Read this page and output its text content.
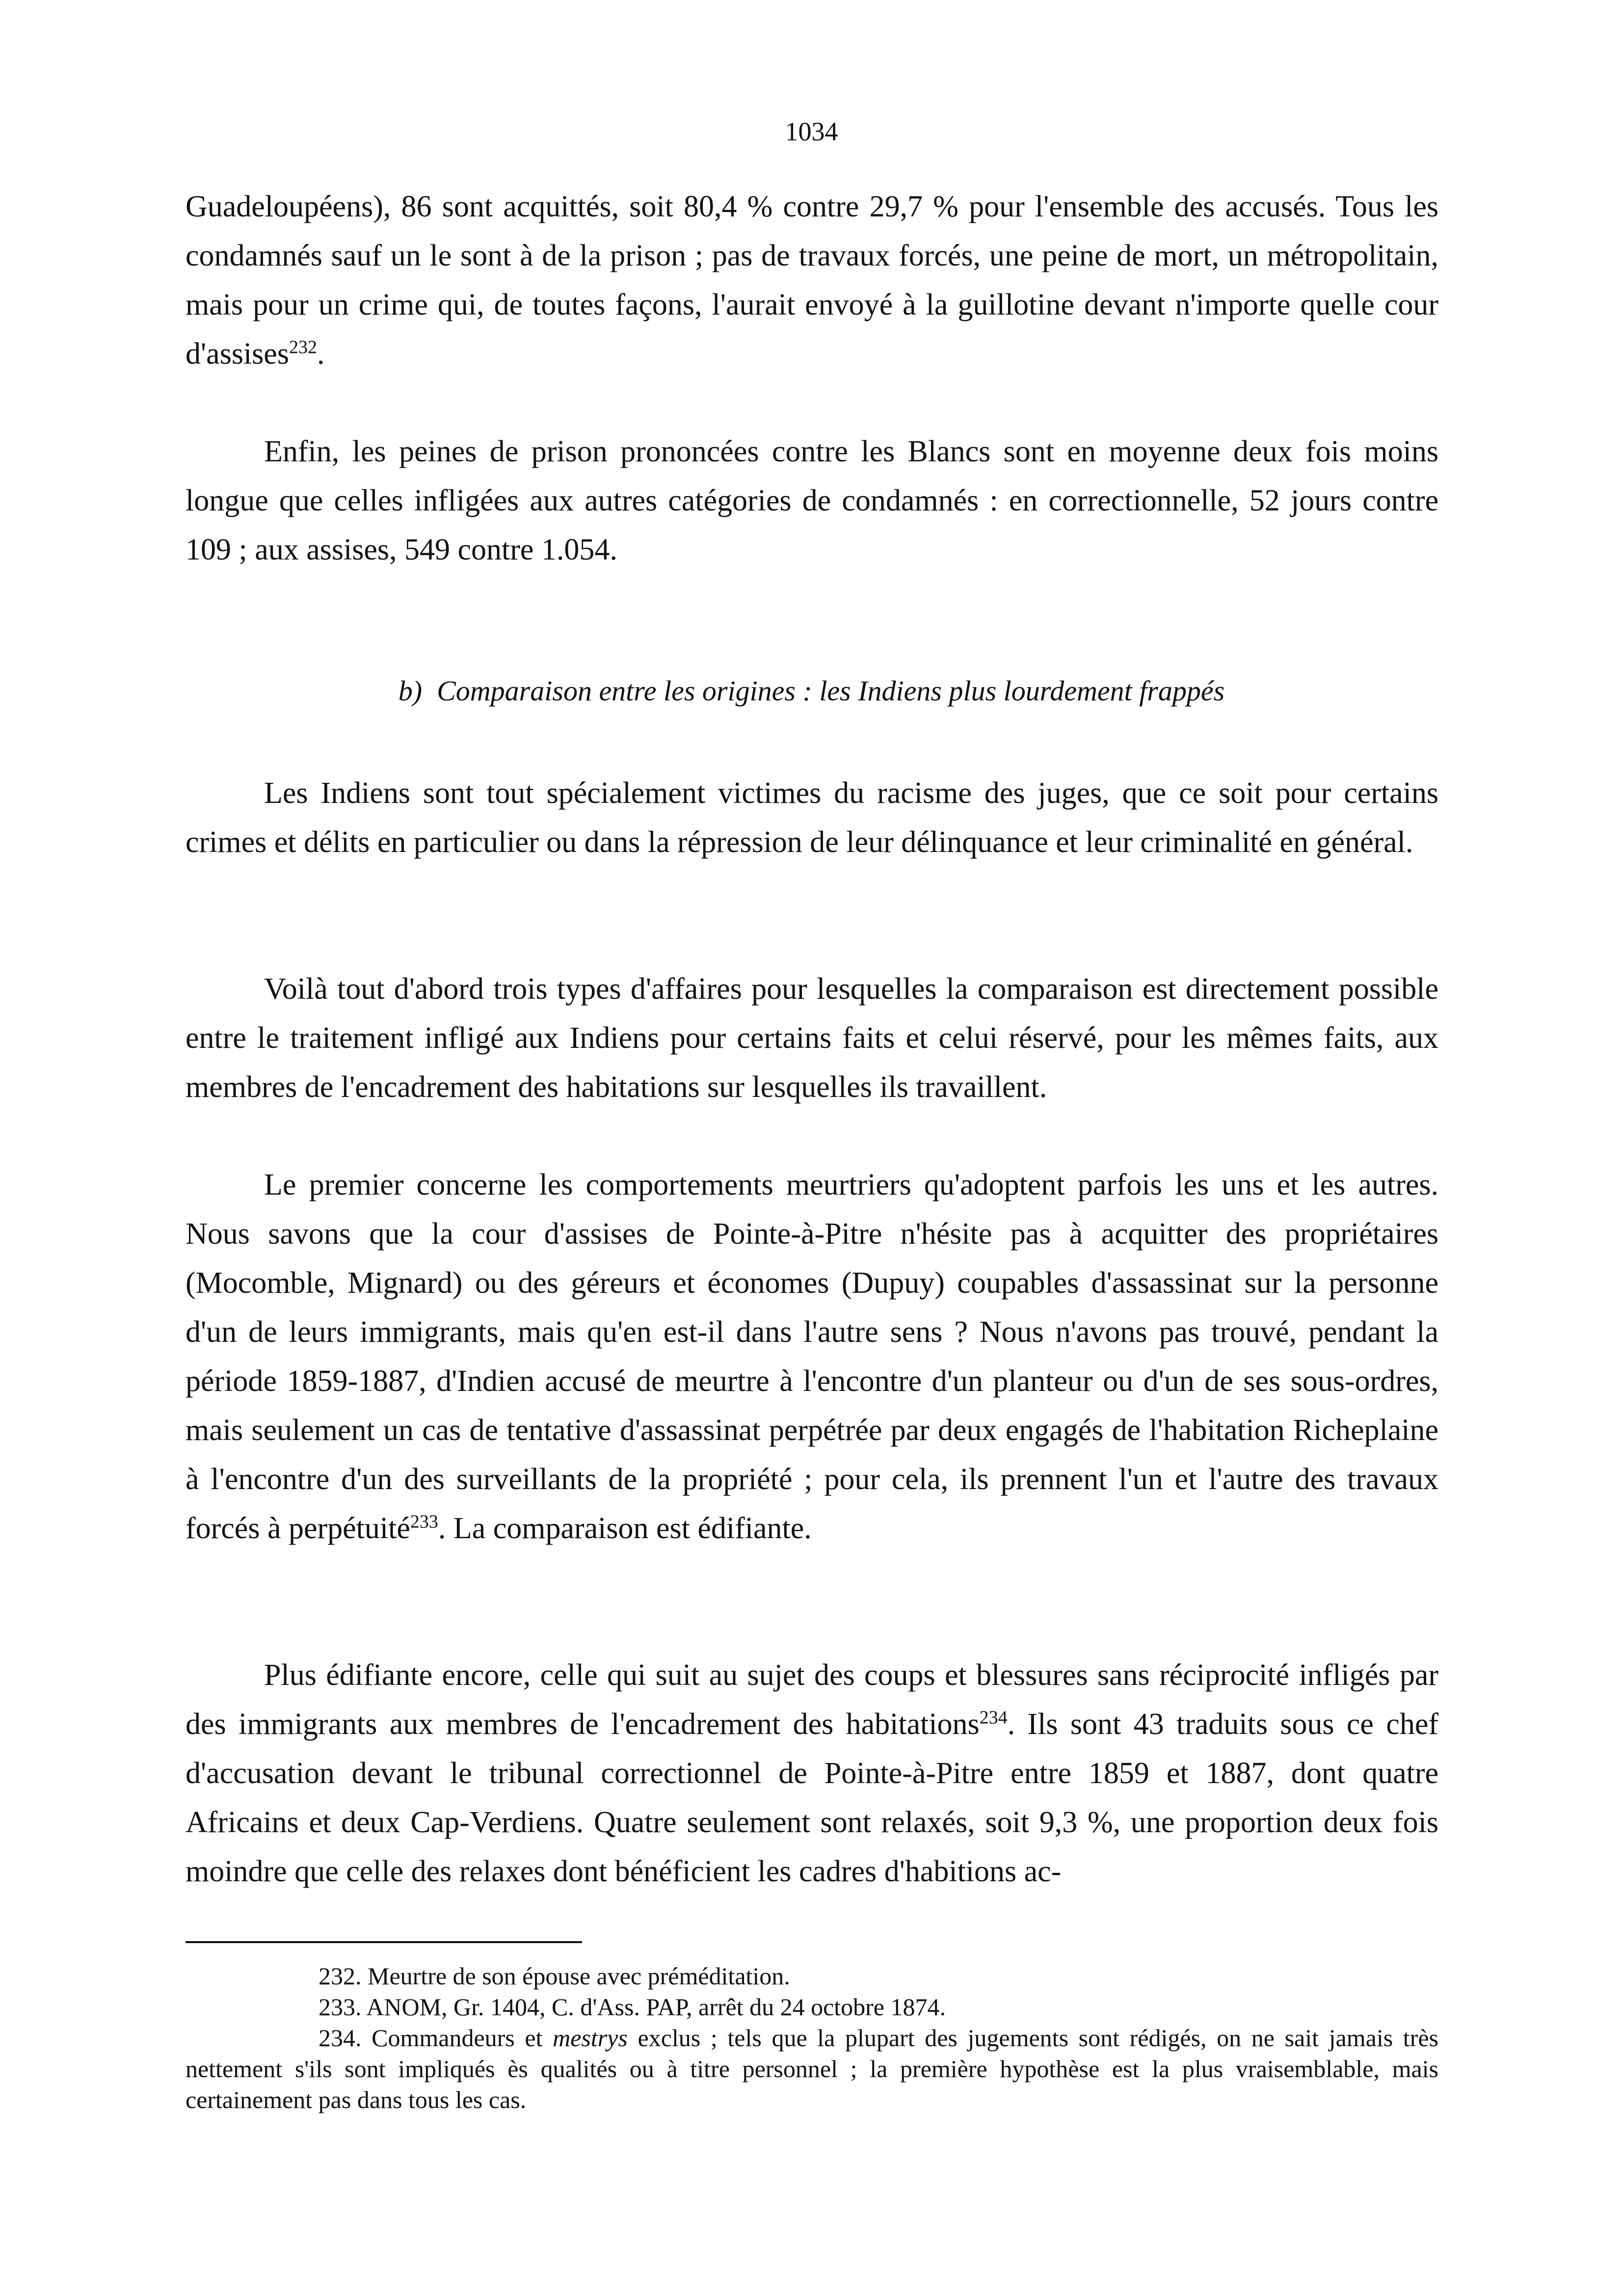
1034

Guadeloupéens), 86 sont acquittés, soit 80,4 % contre 29,7 % pour l'ensemble des accusés. Tous les condamnés sauf un le sont à de la prison ; pas de travaux forcés, une peine de mort, un métropolitain, mais pour un crime qui, de toutes façons, l'aurait envoyé à la guillotine devant n'importe quelle cour d'assises$^{232}$.

Enfin, les peines de prison prononcées contre les Blancs sont en moyenne deux fois moins longue que celles infligées aux autres catégories de condamnés : en correctionnelle, 52 jours contre 109 ; aux assises, 549 contre 1.054.

b) Comparaison entre les origines : les Indiens plus lourdement frappés

Les Indiens sont tout spécialement victimes du racisme des juges, que ce soit pour certains crimes et délits en particulier ou dans la répression de leur délinquance et leur criminalité en général.

Voilà tout d'abord trois types d'affaires pour lesquelles la comparaison est directement possible entre le traitement infligé aux Indiens pour certains faits et celui réservé, pour les mêmes faits, aux membres de l'encadrement des habitations sur lesquelles ils travaillent.

Le premier concerne les comportements meurtriers qu'adoptent parfois les uns et les autres. Nous savons que la cour d'assises de Pointe-à-Pitre n'hésite pas à acquitter des propriétaires (Mocomble, Mignard) ou des géreurs et économes (Dupuy) coupables d'assassinat sur la personne d'un de leurs immigrants, mais qu'en est-il dans l'autre sens ? Nous n'avons pas trouvé, pendant la période 1859-1887, d'Indien accusé de meurtre à l'encontre d'un planteur ou d'un de ses sous-ordres, mais seulement un cas de tentative d'assassinat perpétrée par deux engagés de l'habitation Richeplaine à l'encontre d'un des surveillants de la propriété ; pour cela, ils prennent l'un et l'autre des travaux forcés à perpétuité$^{233}$. La comparaison est édifiante.

Plus édifiante encore, celle qui suit au sujet des coups et blessures sans réciprocité infligés par des immigrants aux membres de l'encadrement des habitations$^{234}$. Ils sont 43 traduits sous ce chef d'accusation devant le tribunal correctionnel de Pointe-à-Pitre entre 1859 et 1887, dont quatre Africains et deux Cap-Verdiens. Quatre seulement sont relaxés, soit 9,3 %, une proportion deux fois moindre que celle des relaxes dont bénéficient les cadres d'habitions ac-

232. Meurtre de son épouse avec préméditation.

233. ANOM, Gr. 1404, C. d'Ass. PAP, arrêt du 24 octobre 1874.

234. Commandeurs et mestrys exclus ; tels que la plupart des jugements sont rédigés, on ne sait jamais très nettement s'ils sont impliqués ès qualités ou à titre personnel ; la première hypothèse est la plus vraisemblable, mais certainement pas dans tous les cas.
